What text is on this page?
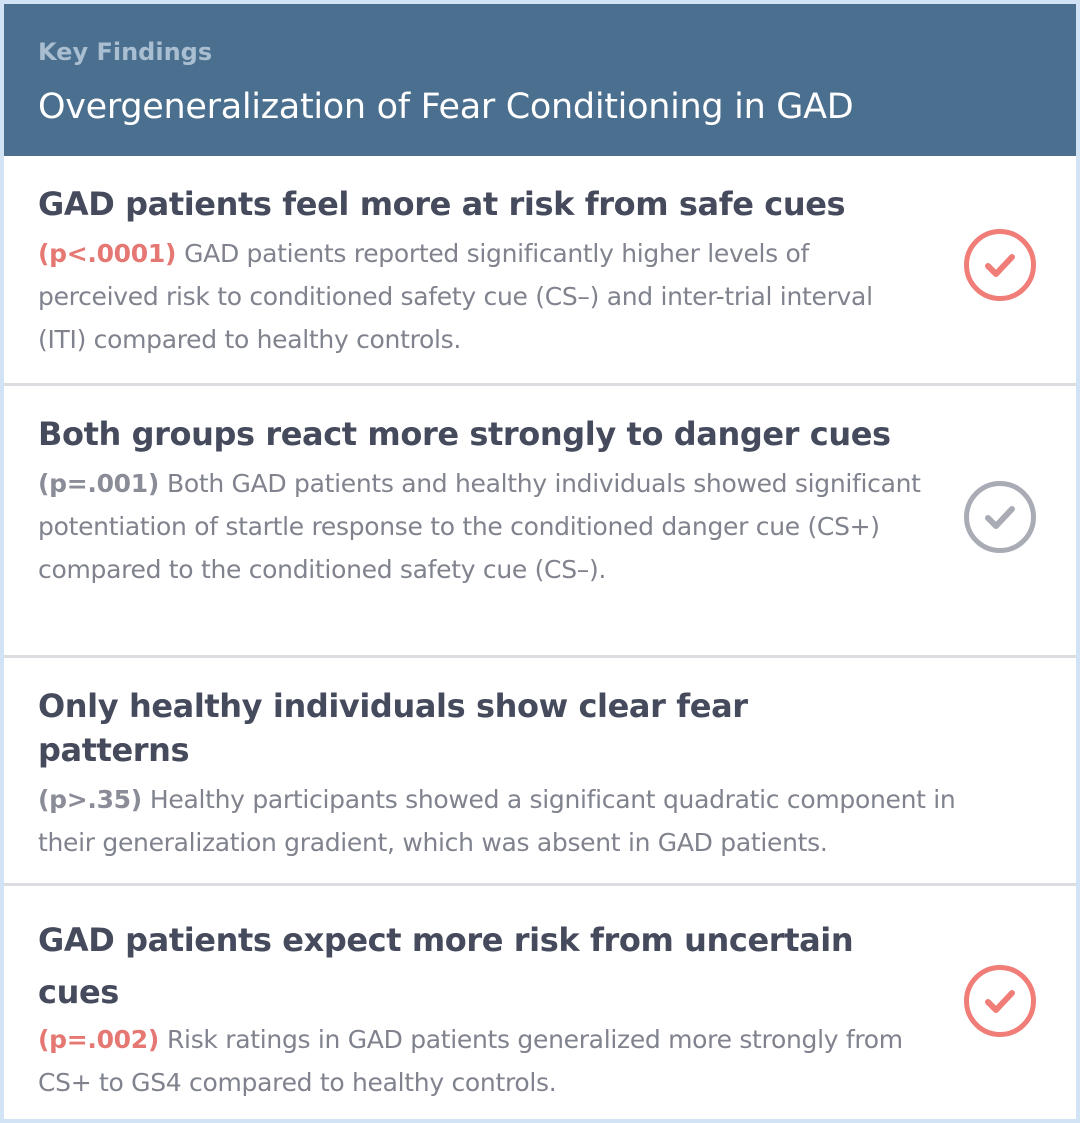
Key Findings
Overgeneralization of Fear Conditioning in GAD
GAD patients feel more at risk from safe cues
(p<.0001) GAD patients reported significantly higher levels of perceived risk to conditioned safety cue (CS–) and inter-trial interval (ITI) compared to healthy controls.
Both groups react more strongly to danger cues
(p=.001) Both GAD patients and healthy individuals showed significant potentiation of startle response to the conditioned danger cue (CS+) compared to the conditioned safety cue (CS–).
Only healthy individuals show clear fear patterns
(p>.35) Healthy participants showed a significant quadratic component in their generalization gradient, which was absent in GAD patients.
GAD patients expect more risk from uncertain cues
(p=.002) Risk ratings in GAD patients generalized more strongly from CS+ to GS4 compared to healthy controls.
